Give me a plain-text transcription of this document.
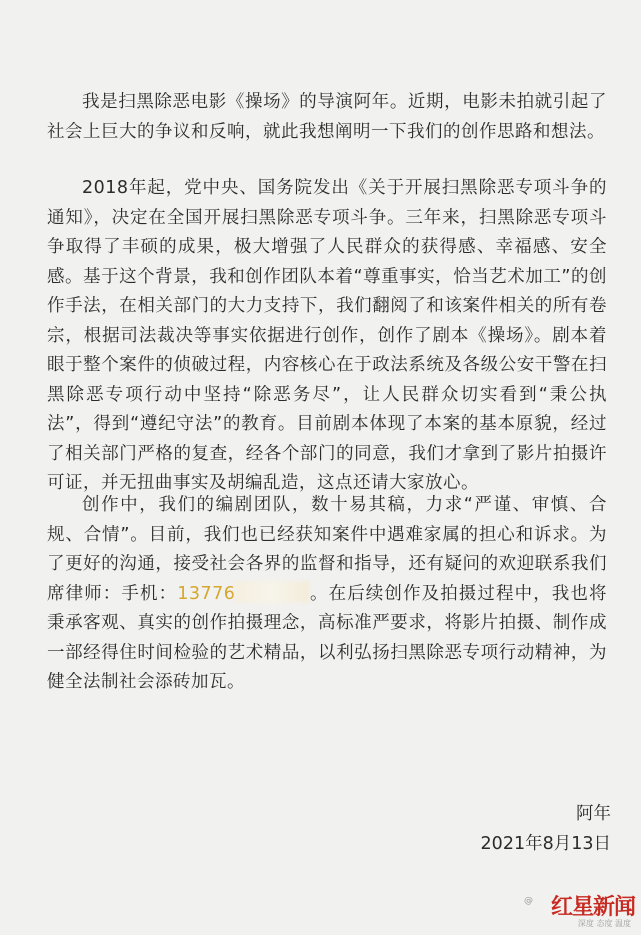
我是扫黑除恶电影《操场》的导演阿年。近期，电影未拍就引起了社会上巨大的争议和反响，就此我想阐明一下我们的创作思路和想法。

2018年起，党中央、国务院发出《关于开展扫黑除恶专项斗争的通知》，决定在全国开展扫黑除恶专项斗争。三年来，扫黑除恶专项斗争取得了丰硕的成果，极大增强了人民群众的获得感、幸福感、安全感。基于这个背景，我和创作团队本着“尊重事实，恰当艺术加工”的创作手法，在相关部门的大力支持下，我们翻阅了和该案件相关的所有卷宗，根据司法裁决等事实依据进行创作，创作了剧本《操场》。剧本着眼于整个案件的侦破过程，内容核心在于政法系统及各级公安干警在扫黑除恶专项行动中坚持“除恶务尽”，让人民群众切实看到“秉公执法”，得到“遵纪守法”的教育。目前剧本体现了本案的基本原貌，经过了相关部门严格的复查，经各个部门的同意，我们才拿到了影片拍摄许可证，并无扭曲事实及胡编乱造，这点还请大家放心。

创作中，我们的编剧团队，数十易其稿，力求“严谨、审慎、合规、合情”。目前，我们也已经获知案件中遇难家属的担心和诉求。为了更好的沟通，接受社会各界的监督和指导，还有疑问的欢迎联系我们席律师：手机：13776	。在后续创作及拍摄过程中，我也将秉承客观、真实的创作拍摄理念，高标准严要求，将影片拍摄、制作成一部经得住时间检验的艺术精品，以利弘扬扫黑除恶专项行动精神，为健全法制社会添砖加瓦。

阿年

2021年8月13日

@ 红星新闻
深度 态度 温度
